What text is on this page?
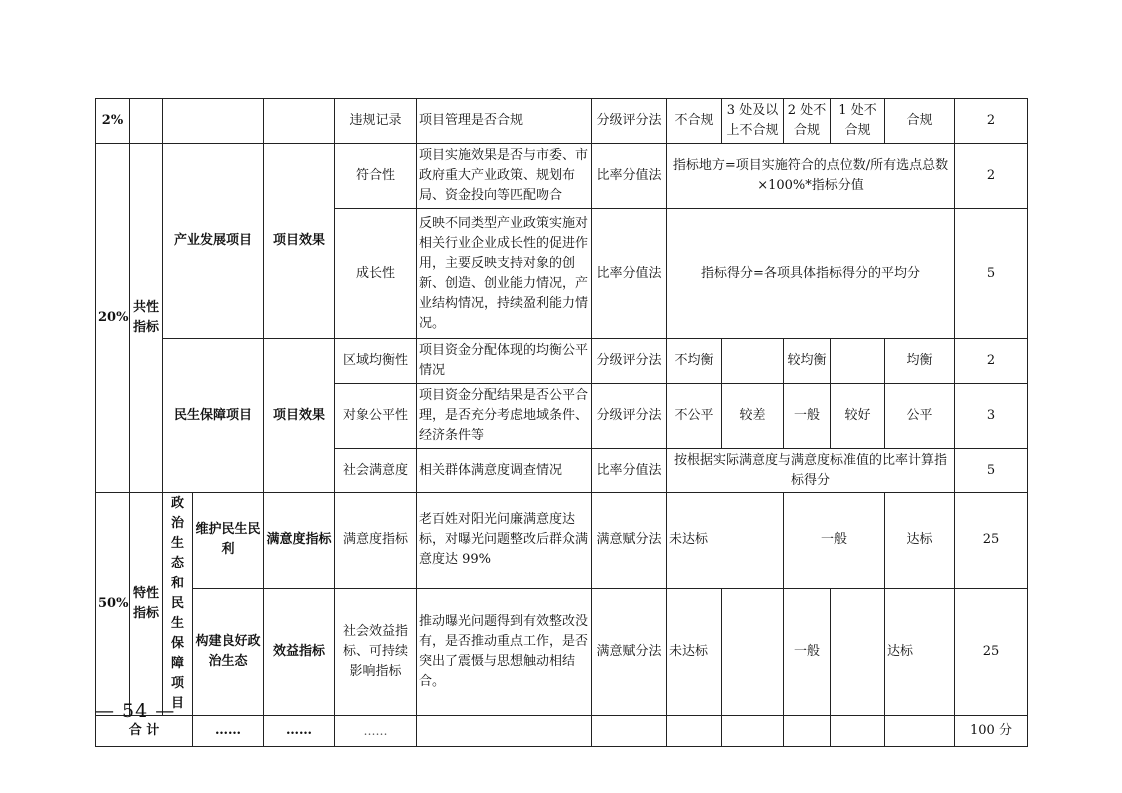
2%					违规记录	项目管理是否合规	分级评分法	不合规	3 处及以上不合规	2 处不合规	1 处不合规	合规	2
20%	共性指标	产业发展项目		项目效果	符合性	项目实施效果是否与市委、市政府重大产业政策、规划布局、资金投向等匹配吻合	比率分值法	指标地方=项目实施符合的点位数/所有选点总数×100%*指标分值					2
					成长性	反映不同类型产业政策实施对相关行业企业成长性的促进作用，主要反映支持对象的创新、创造、创业能力情况，产业结构情况，持续盈利能力情况。	比率分值法	指标得分=各项具体指标得分的平均分					5
		民生保障项目		项目效果	区域均衡性	项目资金分配体现的均衡公平情况	分级评分法	不均衡		较均衡		均衡	2
					对象公平性	项目资金分配结果是否公平合理，是否充分考虑地域条件、经济条件等	分级评分法	不公平	较差	一般	较好	公平	3
					社会满意度	相关群体满意度调查情况	比率分值法	按根据实际满意度与满意度标准值的比率计算指标得分					5
50%	特性指标	政治生态和民生保障项目	维护民生民利	满意度指标	满意度指标	老百姓对阳光问廉满意度达标，对曝光问题整改后群众满意度达 99%	满意赋分法	未达标		一般		达标	25
			构建良好政治生态	效益指标	社会效益指标、可持续影响指标	推动曝光问题得到有效整改没有，是否推动重点工作，是否突出了震慑与思想触动相结合。	满意赋分法	未达标		一般		达标	25
合 计			……	……	……								100 分
— 54 —
